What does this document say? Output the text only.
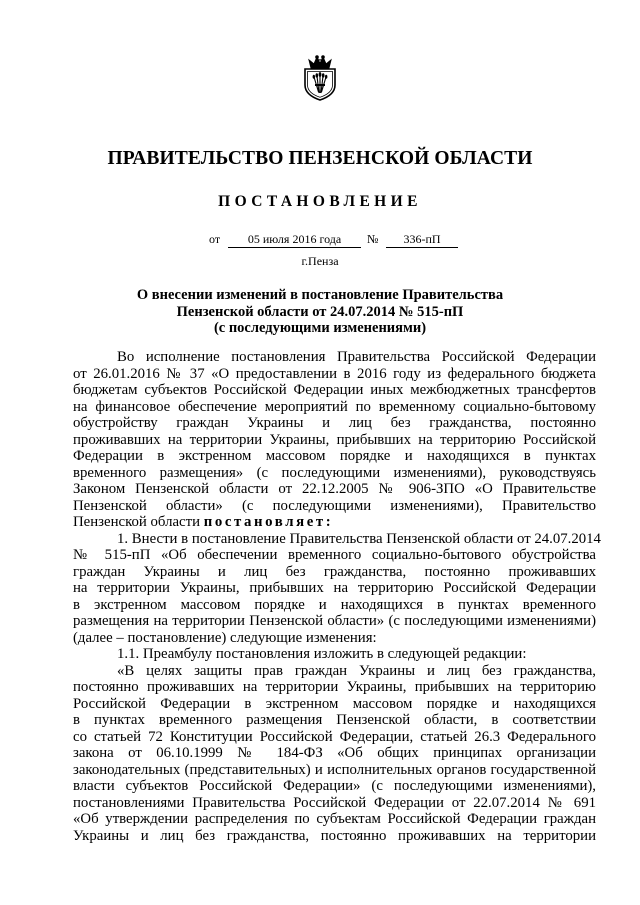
ПРАВИТЕЛЬСТВО ПЕНЗЕНСКОЙ ОБЛАСТИ
ПОСТАНОВЛЕНИЕ
от	05 июля 2016 года	№	336-пП
г.Пенза
О внесении изменений в постановление Правительства
Пензенской области от 24.07.2014 № 515-пП
(с последующими изменениями)
Во исполнение постановления Правительства Российской Федерации
от 26.01.2016 № 37 «О предоставлении в 2016 году из федерального бюджета
бюджетам субъектов Российской Федерации иных межбюджетных трансфертов
на финансовое обеспечение мероприятий по временному социально-бытовому
обустройству граждан Украины и лиц без гражданства, постоянно
проживавших на территории Украины, прибывших на территорию Российской
Федерации в экстренном массовом порядке и находящихся в пунктах
временного размещения» (с последующими изменениями), руководствуясь
Законом Пензенской области от 22.12.2005 № 906-ЗПО «О Правительстве
Пензенской области» (с последующими изменениями), Правительство
Пензенской области постановляет:
1. Внести в постановление Правительства Пензенской области от 24.07.2014
№ 515-пП «Об обеспечении временного социально-бытового обустройства
граждан Украины и лиц без гражданства, постоянно проживавших
на территории Украины, прибывших на территорию Российской Федерации
в экстренном массовом порядке и находящихся в пунктах временного
размещения на территории Пензенской области» (с последующими изменениями)
(далее – постановление) следующие изменения:
1.1. Преамбулу постановления изложить в следующей редакции:
«В целях защиты прав граждан Украины и лиц без гражданства,
постоянно проживавших на территории Украины, прибывших на территорию
Российской Федерации в экстренном массовом порядке и находящихся
в пунктах временного размещения Пензенской области, в соответствии
со статьей 72 Конституции Российской Федерации, статьей 26.3 Федерального
закона от 06.10.1999 № 184-ФЗ «Об общих принципах организации
законодательных (представительных) и исполнительных органов государственной
власти субъектов Российской Федерации» (с последующими изменениями),
постановлениями Правительства Российской Федерации от 22.07.2014 № 691
«Об утверждении распределения по субъектам Российской Федерации граждан
Украины и лиц без гражданства, постоянно проживавших на территории
